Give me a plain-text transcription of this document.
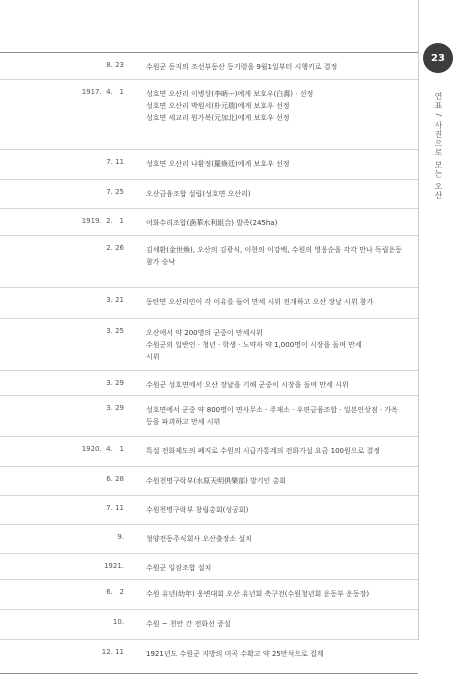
23
연표 / 사진으로 보는 오산
8. 23	수원군 동지의 조선부동산 등기령을 9월1일부터 시행키로 결정
1917.  4.   1	성호면 오산리 이병상(李昞ᅮ)에게 보호우(白壽)ᆞ선정
성호면 오산리 박원서(朴元瑞)에게 보호우 선정
성호면 세교리 원가북(元加北)에게 보호우 선정
7. 11	성호면 오산리 나환정(羅煥廷)에게 보호우 선정
7. 25	오산금융조합 설립(성호면 오산리)
1919.  2.   1	어화수리조합(漁華水利組合) 발족(245ha)
2. 26	김세환(金世煥), 오산의 김광식, 이현의 이강백, 수원의 영웅순을 각각 만나 독립운동
참가 승낙
3. 21	동탄면 오산리민이 각 이유를 들어 만세 시위 전개하고 오산 장날 시위 참가
3. 25	오산에서 약 200명의 군중이 만세시위
수원군의 일반인 · 청년 · 학생 · 노약자 약 1,000명이 시장을 돌며 만세
시위
3. 29	수원군 성호면에서 오산 장날을 기해 군중이 시장을 돌며 만세 시위
3. 29	성호면에서 군중 약 800명이 면사무소 · 주재소 · 우편금융조합 · 일본인상점 · 가옥
등을 파괴하고 만세 시위
1920.  4.   1	특설 전화제도의 폐지로 수원의 시급가통계의 전화가설 요금 100원으로 결정
6. 28	수원천명구락부(水原天明俱樂部) 발기인 총회
7. 11	수원천명구락부 창립총회(성공회)
9.	청양전동주식회사 오산출장소 설치
1921.	수원군 잉잠조합 설치
6.   2	수원 유년(幼年) 웅변대회 오산 유년회 축구전(수원청년회 운동부 운동장)
10.	수원 ~ 천안 간 전화선 증설
12. 11	1921년도 수원군 지방의 미곡 수확고 약 25만석으로 집계
